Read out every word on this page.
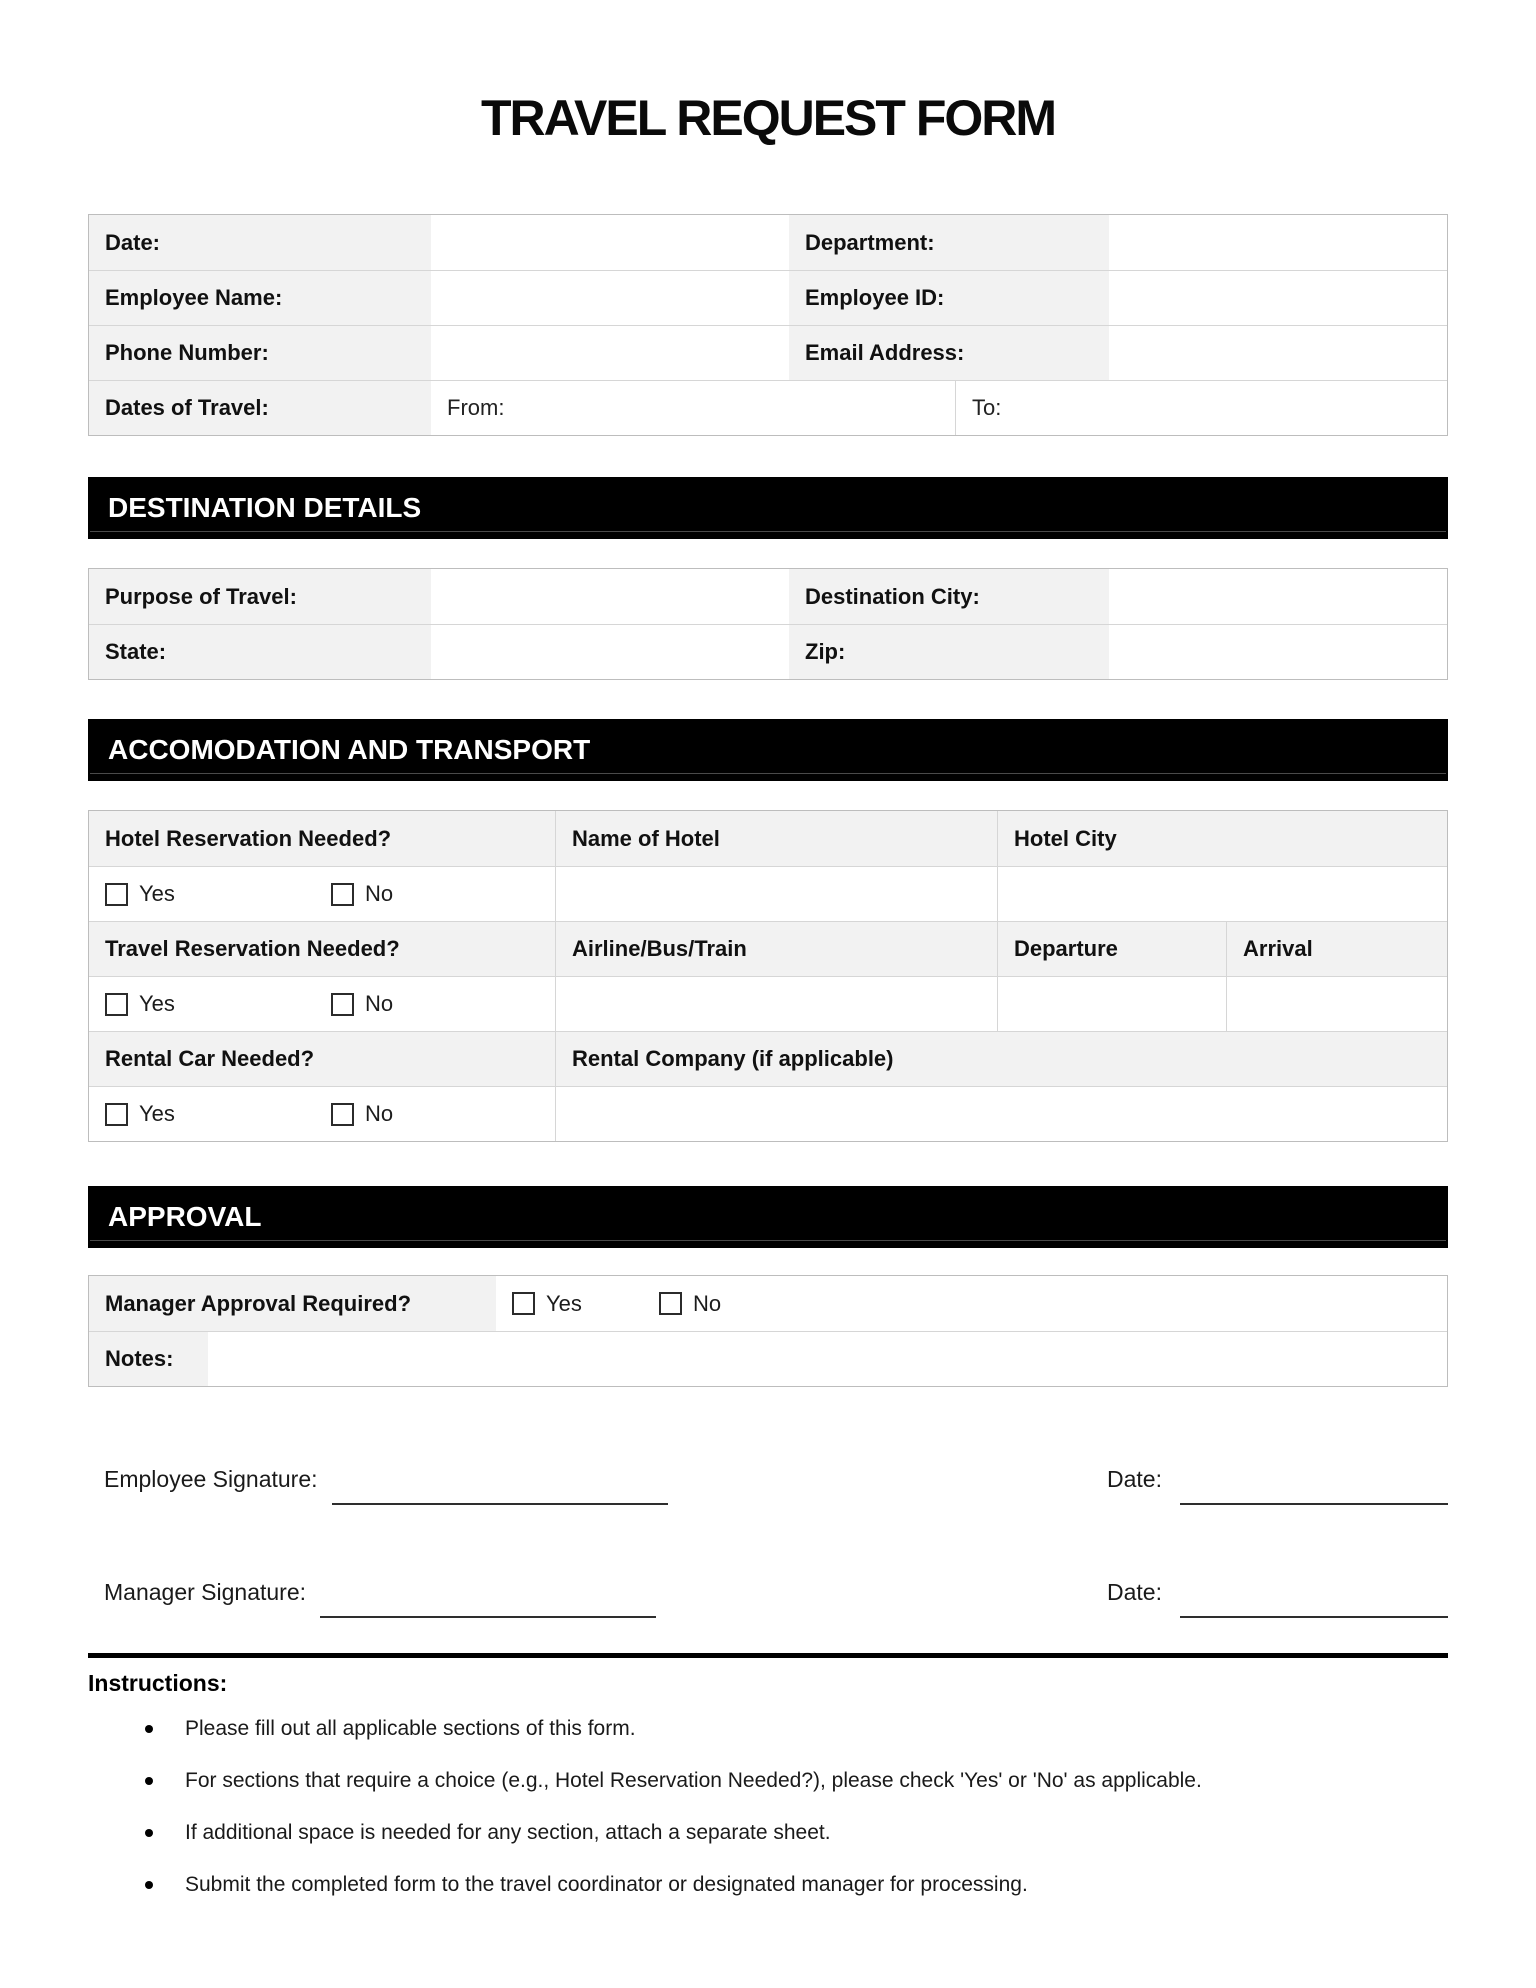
TRAVEL REQUEST FORM
Date:	Department:
Employee Name:	Employee ID:
Phone Number:	Email Address:
Dates of Travel:	From:	To:
DESTINATION DETAILS
Purpose of Travel:	Destination City:
State:	Zip:
ACCOMODATION AND TRANSPORT
Hotel Reservation Needed?	Name of Hotel	Hotel City
Yes	No
Travel Reservation Needed?	Airline/Bus/Train	Departure	Arrival
Yes	No
Rental Car Needed?	Rental Company (if applicable)
Yes	No
APPROVAL
Manager Approval Required?	Yes	No
Notes:
Employee Signature:	Date:
Manager Signature:	Date:
Instructions:
Please fill out all applicable sections of this form.
For sections that require a choice (e.g., Hotel Reservation Needed?), please check 'Yes' or 'No' as applicable.
If additional space is needed for any section, attach a separate sheet.
Submit the completed form to the travel coordinator or designated manager for processing.
